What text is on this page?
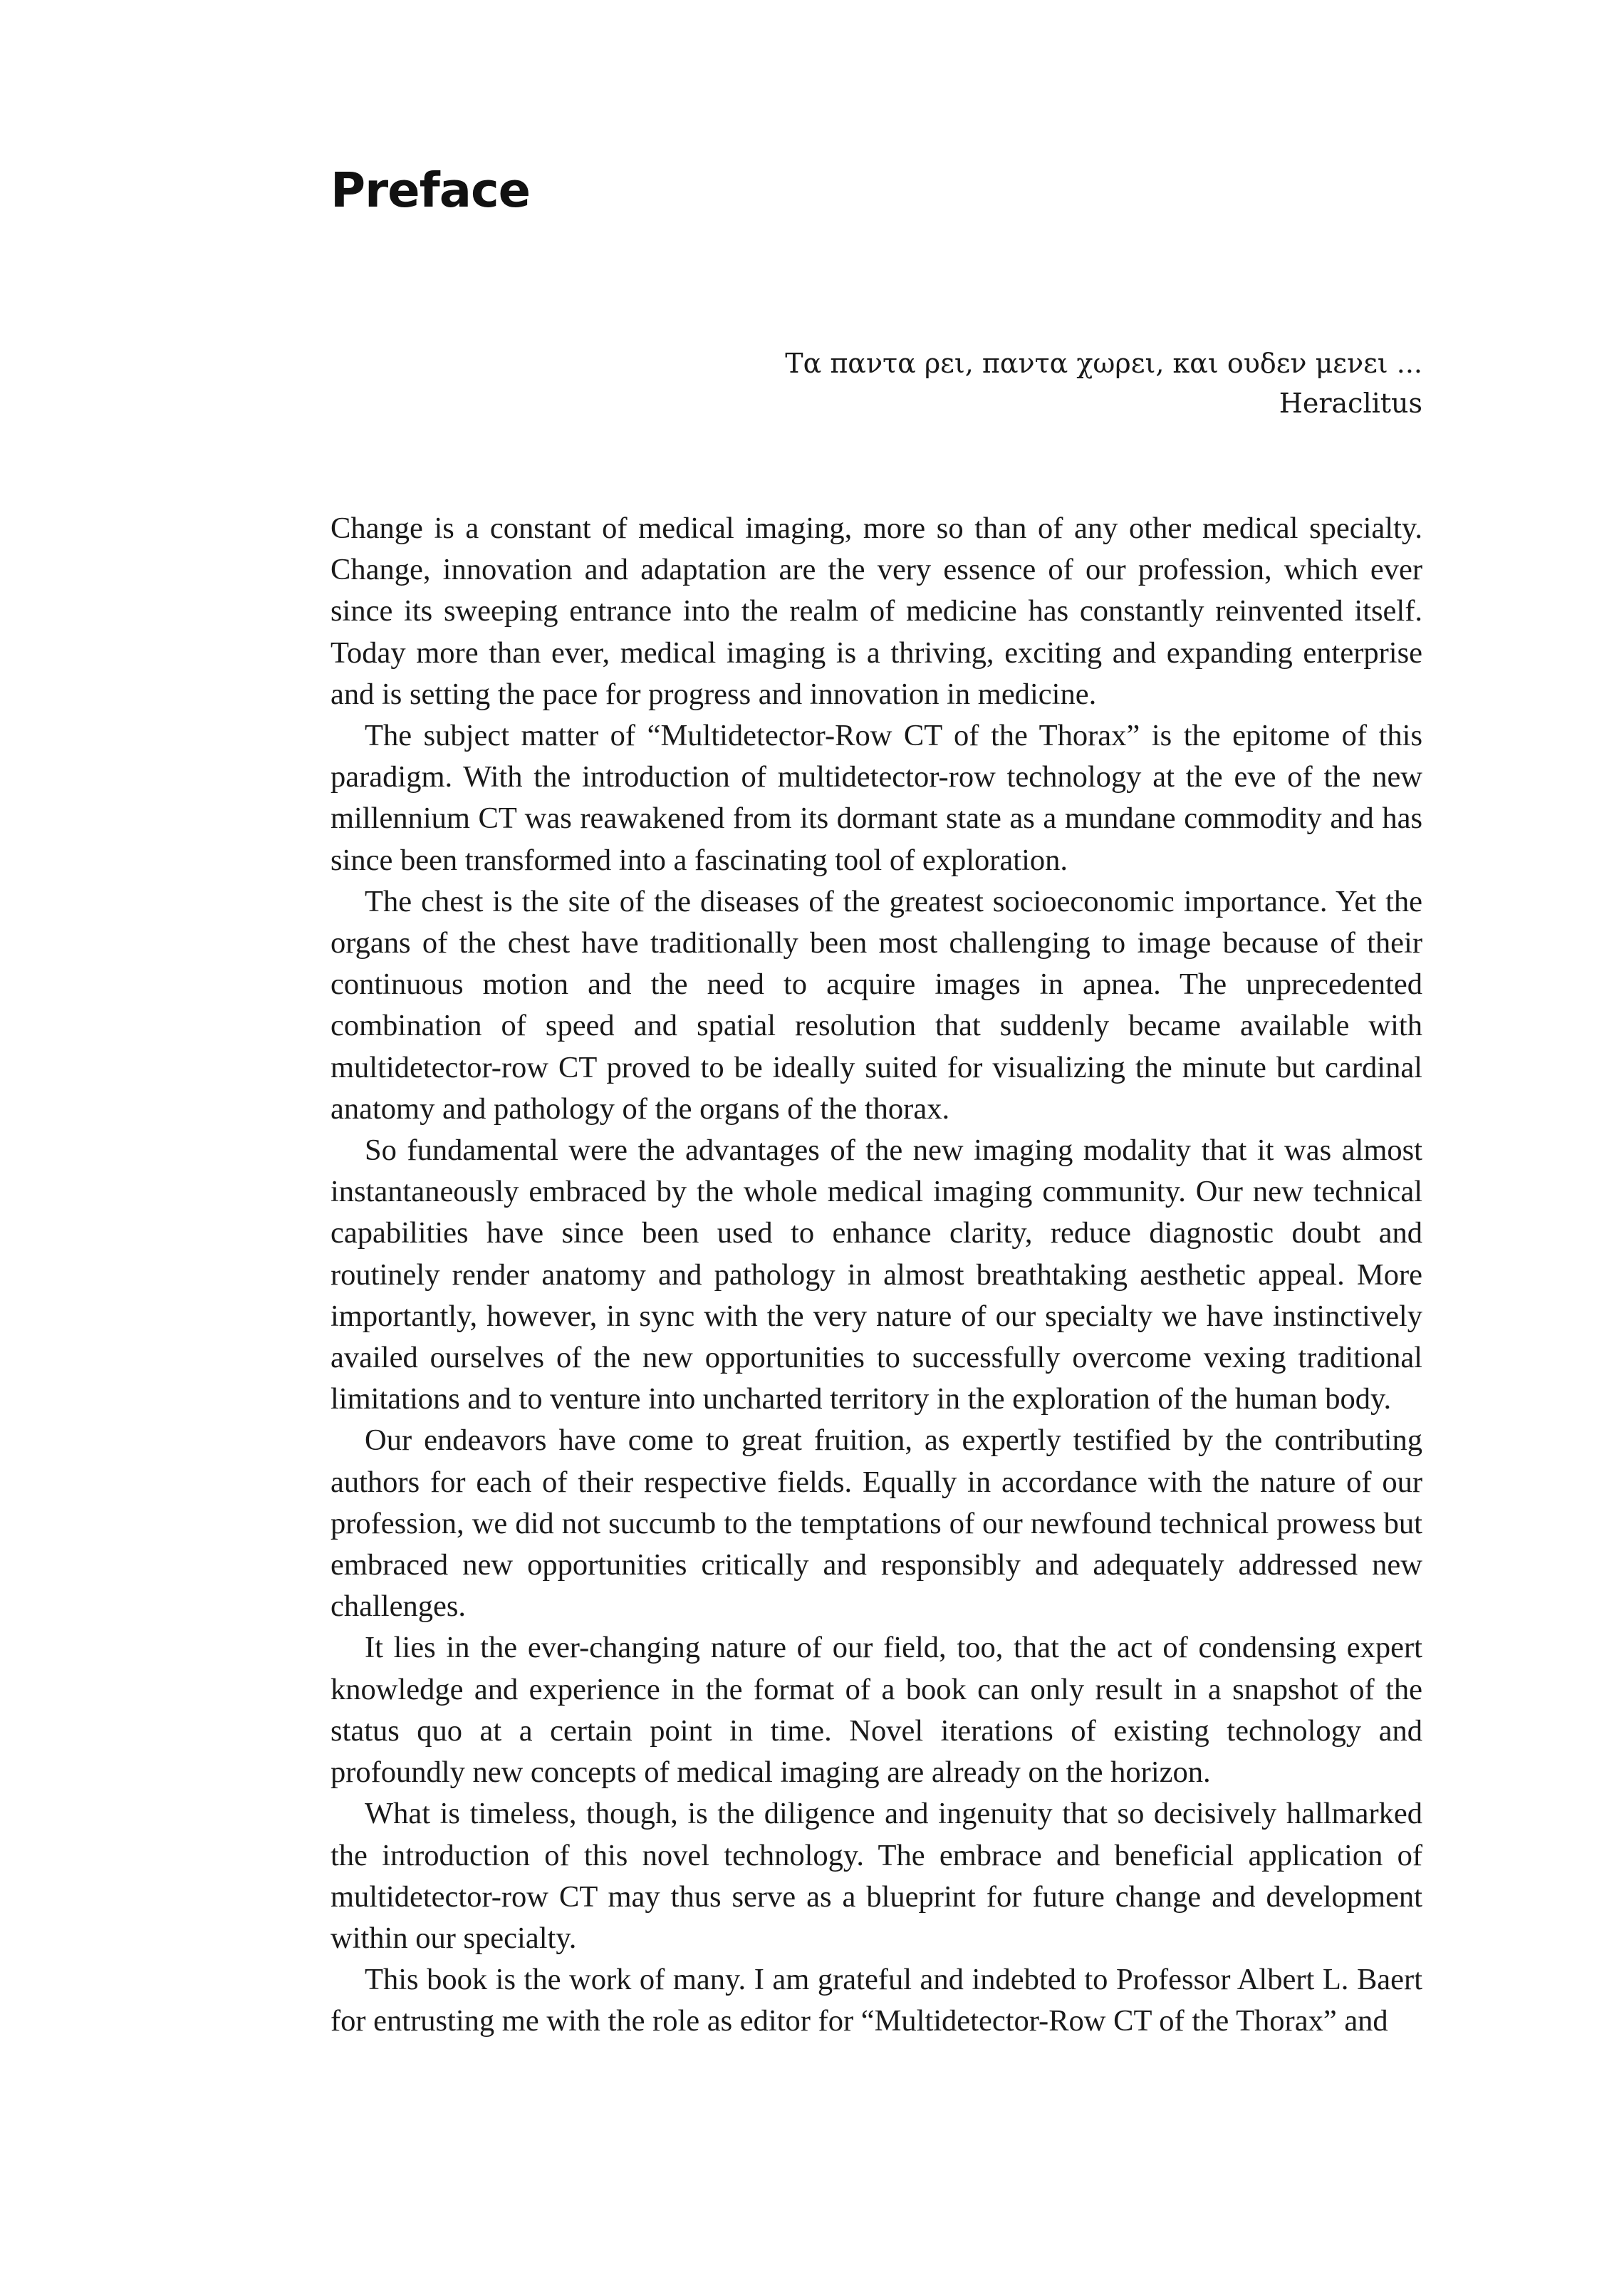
Preface
Τα παντα ρει, παντα χωρει, και ουδεν μενει ...
Heraclitus

Change is a constant of medical imaging, more so than of any other medical specialty. Change, innovation and adaptation are the very essence of our profession, which ever since its sweeping entrance into the realm of medicine has constantly reinvented itself. Today more than ever, medical imaging is a thriving, exciting and expanding enterprise and is setting the pace for progress and innovation in medicine.

The subject matter of “Multidetector-Row CT of the Thorax” is the epitome of this paradigm. With the introduction of multidetector-row technology at the eve of the new millennium CT was reawakened from its dormant state as a mundane commodity and has since been transformed into a fascinating tool of exploration.

The chest is the site of the diseases of the greatest socioeconomic importance. Yet the organs of the chest have traditionally been most challenging to image because of their continuous motion and the need to acquire images in apnea. The unprecedented combination of speed and spatial resolution that suddenly became available with multidetector-row CT proved to be ideally suited for visualizing the minute but cardinal anatomy and pathology of the organs of the thorax.

So fundamental were the advantages of the new imaging modality that it was almost instantaneously embraced by the whole medical imaging community. Our new technical capabilities have since been used to enhance clarity, reduce diagnostic doubt and routinely render anatomy and pathology in almost breathtaking aesthetic appeal. More importantly, however, in sync with the very nature of our specialty we have instinctively availed ourselves of the new opportunities to successfully overcome vexing traditional limitations and to venture into uncharted territory in the exploration of the human body.

Our endeavors have come to great fruition, as expertly testified by the contributing authors for each of their respective fields. Equally in accordance with the nature of our profession, we did not succumb to the temptations of our newfound technical prowess but embraced new opportunities critically and responsibly and adequately addressed new challenges.

It lies in the ever-changing nature of our field, too, that the act of condensing expert knowledge and experience in the format of a book can only result in a snapshot of the status quo at a certain point in time. Novel iterations of existing technology and profoundly new concepts of medical imaging are already on the horizon.

What is timeless, though, is the diligence and ingenuity that so decisively hallmarked the introduction of this novel technology. The embrace and beneficial application of multidetector-row CT may thus serve as a blueprint for future change and development within our specialty.

This book is the work of many. I am grateful and indebted to Professor Albert L. Baert for entrusting me with the role as editor for “Multidetector-Row CT of the Thorax” and
